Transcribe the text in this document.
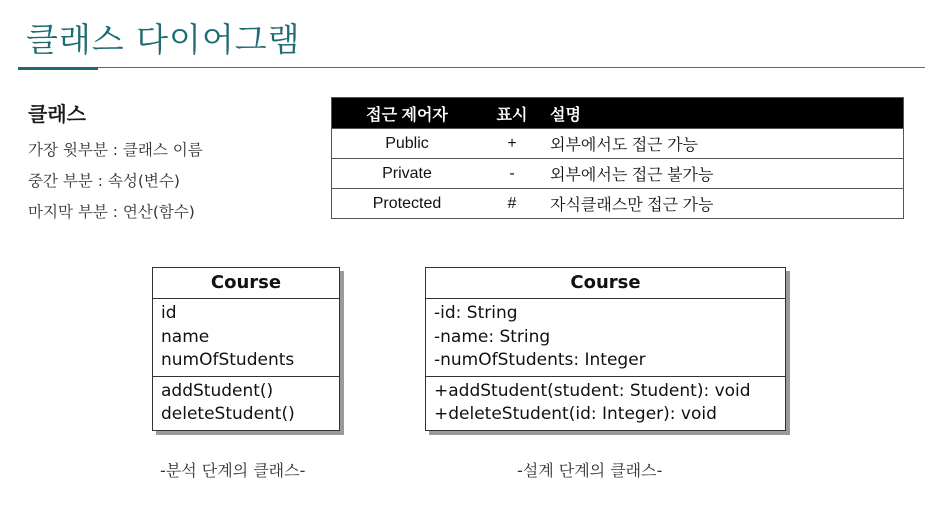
클래스 다이어그램
클래스
가장 윗부분 : 클래스 이름
중간 부분 : 속성(변수)
마지막 부분 : 연산(함수)
접근 제어자	표시	설명
Public	+	외부에서도 접근 가능
Private	-	외부에서는 접근 불가능
Protected	#	자식클래스만 접근 가능
Course
id
name
numOfStudents
addStudent()
deleteStudent()
Course
-id: String
-name: String
-numOfStudents: Integer
+addStudent(student: Student): void
+deleteStudent(id: Integer): void
-분석 단계의 클래스-	-설계 단계의 클래스-
